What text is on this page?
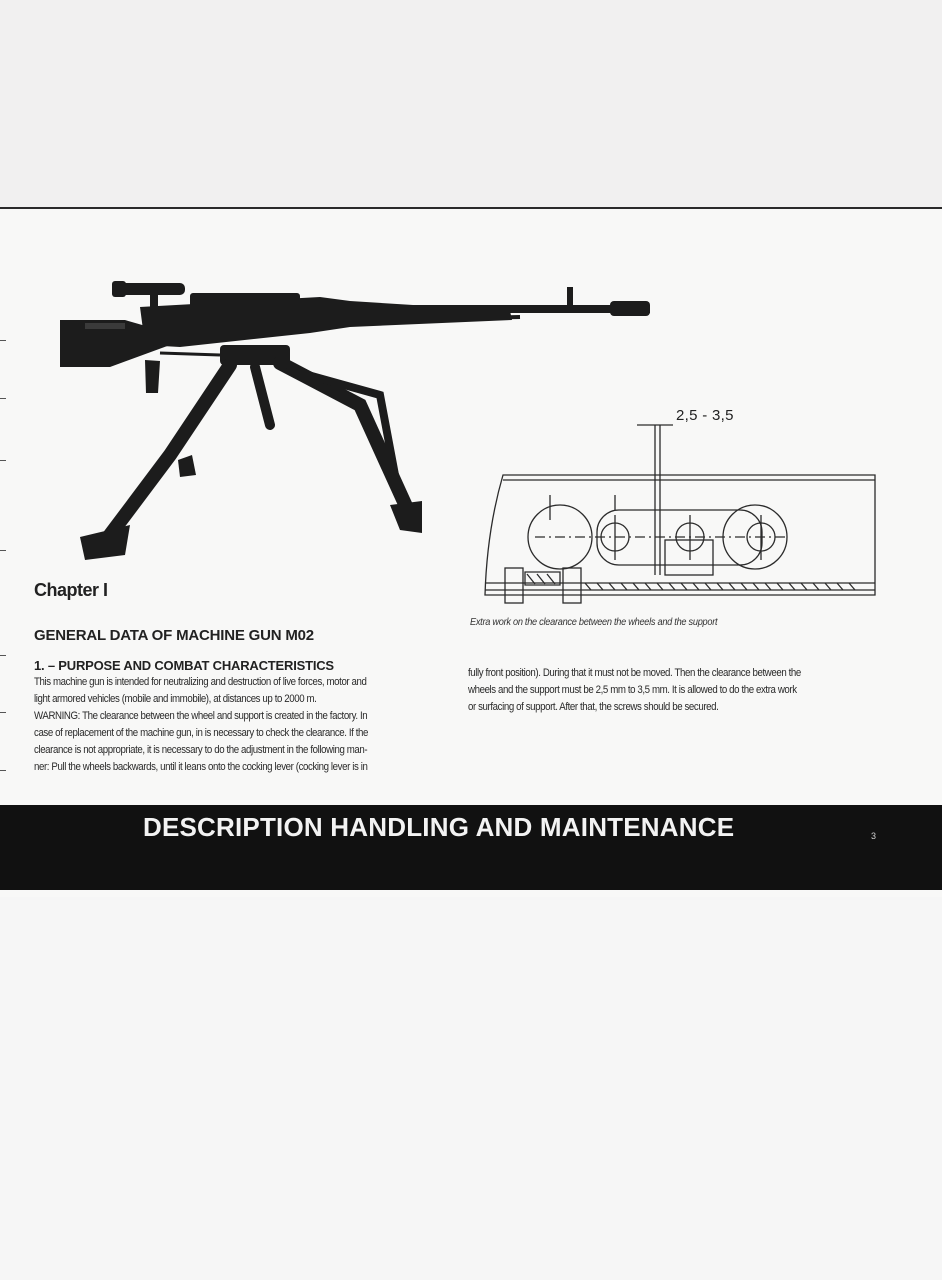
2,5 - 3,5
Extra work on the clearance between the wheels and the support
Chapter I
GENERAL DATA OF MACHINE GUN M02
1. – PURPOSE AND COMBAT CHARACTERISTICS

This machine gun is intended for neutralizing and destruction of live forces, motor and

light armored vehicles (mobile and immobile), at distances up to 2000 m.

WARNING: The clearance between the wheel and support is created in the factory. In

case of replacement of the machine gun, in is necessary to check the clearance. If the

clearance is not appropriate, it is necessary to do the adjustment in the following man-

ner: Pull the wheels backwards, until it leans onto the cocking lever (cocking lever is in

fully front position). During that it must not be moved. Then the clearance between the

wheels and the support must be 2,5 mm to 3,5 mm. It is allowed to do the extra work

or surfacing of support. After that, the screws should be secured.

DESCRIPTION HANDLING AND MAINTENANCE	3
